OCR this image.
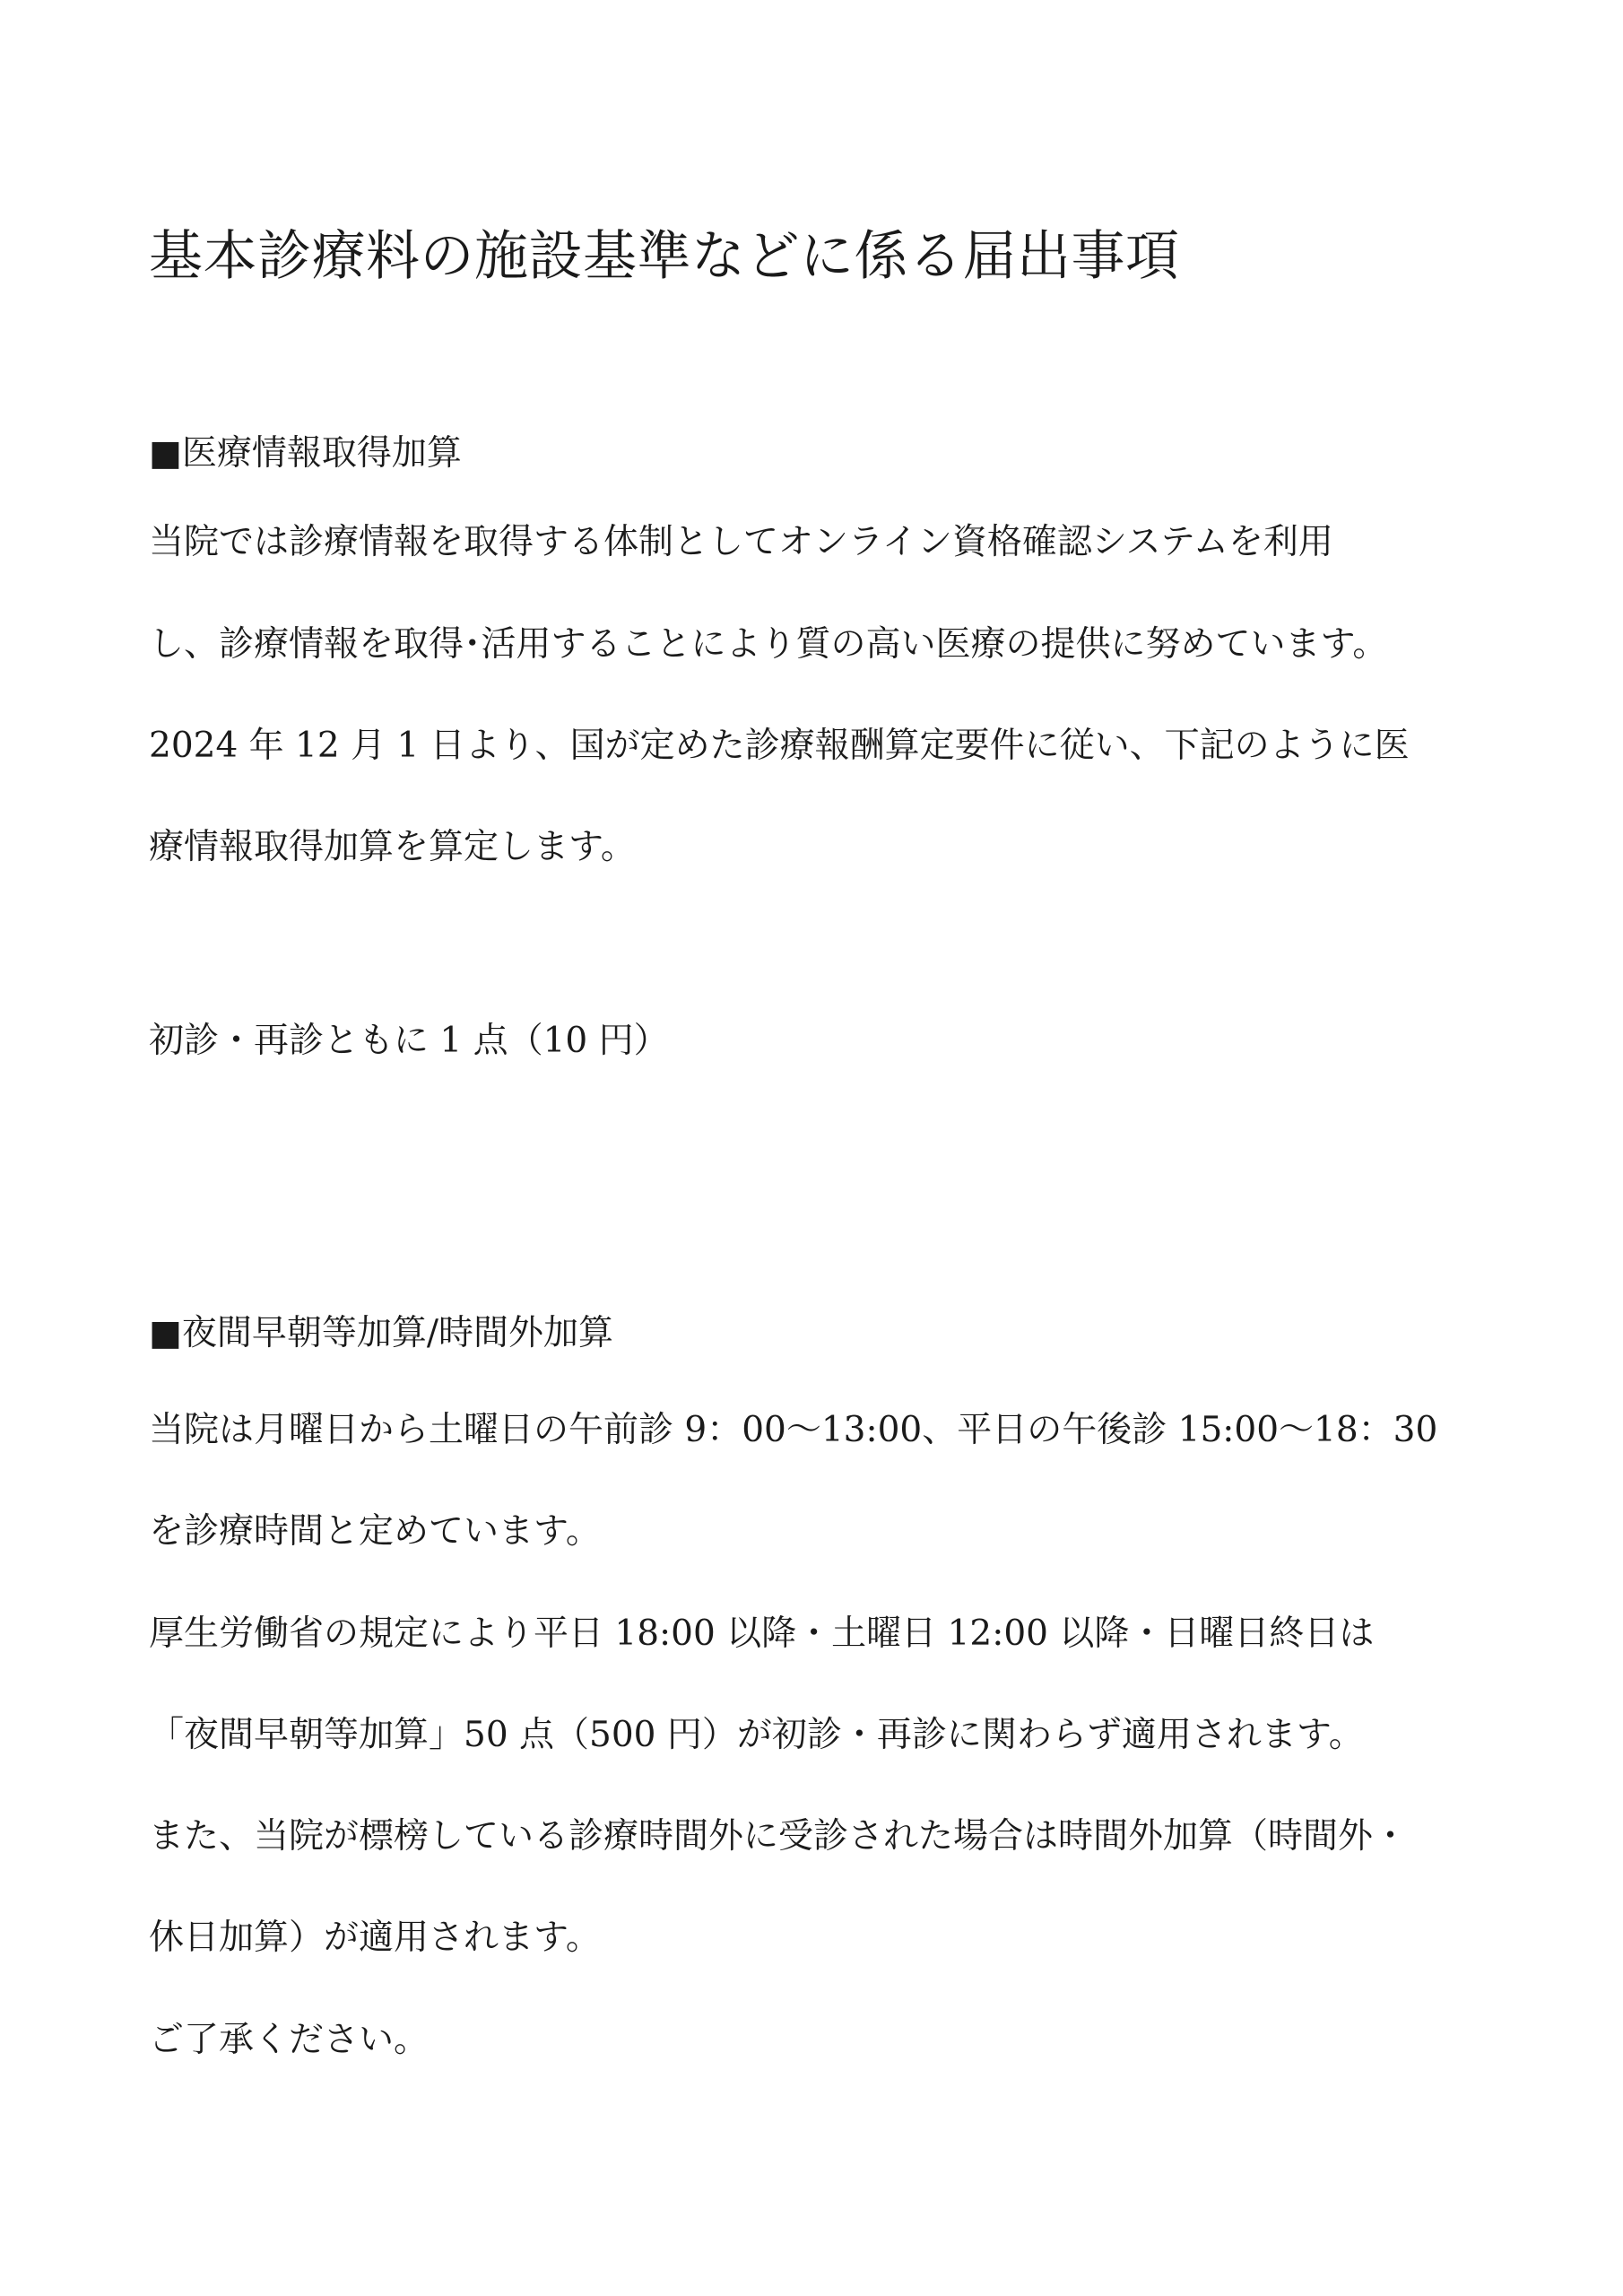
基本診療料の施設基準などに係る届出事項
■医療情報取得加算
当院では診療情報を取得する体制としてオンライン資格確認システムを利用
し、診療情報を取得･活用することにより質の高い医療の提供に努めています。
2024 年 12 月 1 日より、国が定めた診療報酬算定要件に従い、下記のように医
療情報取得加算を算定します。
初診・再診ともに 1 点（10 円）
■夜間早朝等加算/時間外加算
当院は月曜日から土曜日の午前診 9：00〜13:00、平日の午後診 15:00〜18：30
を診療時間と定めています。
厚生労働省の規定により平日 18:00 以降・土曜日 12:00 以降・日曜日終日は
「夜間早朝等加算」50 点（500 円）が初診・再診に関わらず適用されます。
また、当院が標榜している診療時間外に受診された場合は時間外加算（時間外・
休日加算）が適用されます。
ご了承ください。
